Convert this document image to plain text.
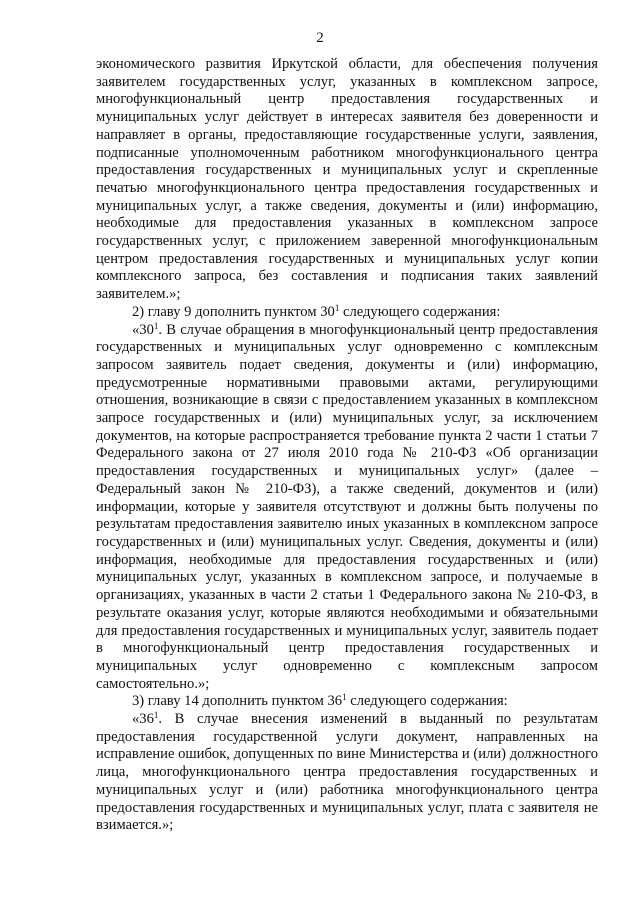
2

экономического развития Иркутской области, для обеспечения получения

заявителем государственных услуг, указанных в комплексном запросе,

многофункциональный центр предоставления государственных и

муниципальных услуг действует в интересах заявителя без доверенности и

направляет в органы, предоставляющие государственные услуги, заявления,

подписанные уполномоченным работником многофункционального центра

предоставления государственных и муниципальных услуг и скрепленные

печатью многофункционального центра предоставления государственных и

муниципальных услуг, а также сведения, документы и (или) информацию,

необходимые для предоставления указанных в комплексном запросе

государственных услуг, с приложением заверенной многофункциональным

центром предоставления государственных и муниципальных услуг копии

комплексного запроса, без составления и подписания таких заявлений

заявителем.»;

2) главу 9 дополнить пунктом $30^1$ следующего содержания:

«$30^1$. В случае обращения в многофункциональный центр предоставления

государственных и муниципальных услуг одновременно с комплексным

запросом заявитель подает сведения, документы и (или) информацию,

предусмотренные нормативными правовыми актами, регулирующими

отношения, возникающие в связи с предоставлением указанных в комплексном

запросе государственных и (или) муниципальных услуг, за исключением

документов, на которые распространяется требование пункта 2 части 1 статьи 7

Федерального закона от 27 июля 2010 года № 210-ФЗ «Об организации

предоставления государственных и муниципальных услуг» (далее –

Федеральный закон № 210-ФЗ), а также сведений, документов и (или)

информации, которые у заявителя отсутствуют и должны быть получены по

результатам предоставления заявителю иных указанных в комплексном запросе

государственных и (или) муниципальных услуг. Сведения, документы и (или)

информация, необходимые для предоставления государственных и (или)

муниципальных услуг, указанных в комплексном запросе, и получаемые в

организациях, указанных в части 2 статьи 1 Федерального закона № 210-ФЗ, в

результате оказания услуг, которые являются необходимыми и обязательными

для предоставления государственных и муниципальных услуг, заявитель подает

в многофункциональный центр предоставления государственных и

муниципальных услуг одновременно с комплексным запросом

самостоятельно.»;

3) главу 14 дополнить пунктом $36^1$ следующего содержания:

«$36^1$. В случае внесения изменений в выданный по результатам

предоставления государственной услуги документ, направленных на

исправление ошибок, допущенных по вине Министерства и (или) должностного

лица, многофункционального центра предоставления государственных и

муниципальных услуг и (или) работника многофункционального центра

предоставления государственных и муниципальных услуг, плата с заявителя не

взимается.»;
